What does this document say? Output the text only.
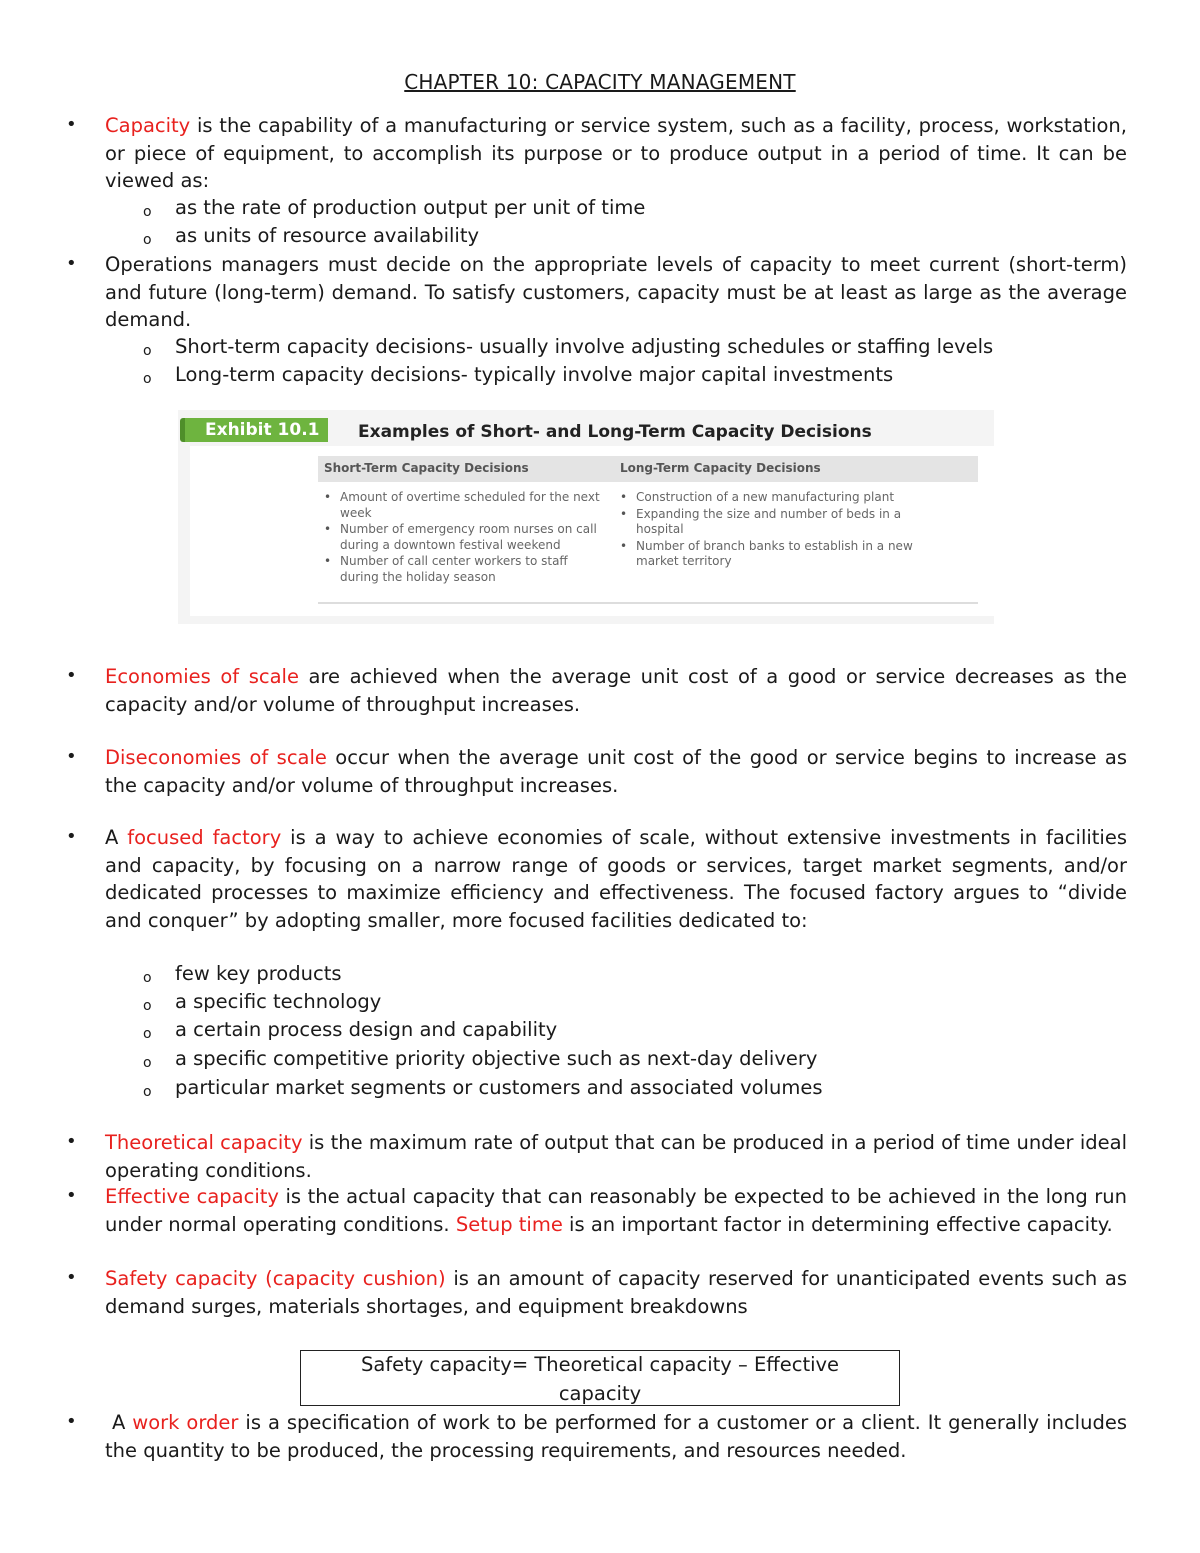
CHAPTER 10: CAPACITY MANAGEMENT
• Capacity is the capability of a manufacturing or service system, such as a facility, process, workstation, or piece of equipment, to accomplish its purpose or to produce output in a period of time. It can be viewed as:
o as the rate of production output per unit of time
o as units of resource availability
• Operations managers must decide on the appropriate levels of capacity to meet current (short-term) and future (long-term) demand. To satisfy customers, capacity must be at least as large as the average demand.
o Short-term capacity decisions- usually involve adjusting schedules or staffing levels
o Long-term capacity decisions- typically involve major capital investments
Exhibit 10.1	Examples of Short- and Long-Term Capacity Decisions
Short-Term Capacity Decisions	Long-Term Capacity Decisions
• Amount of overtime scheduled for the next week
• Number of emergency room nurses on call during a downtown festival weekend
• Number of call center workers to staff during the holiday season
• Construction of a new manufacturing plant
• Expanding the size and number of beds in a hospital
• Number of branch banks to establish in a new market territory
• Economies of scale are achieved when the average unit cost of a good or service decreases as the capacity and/or volume of throughput increases.
• Diseconomies of scale occur when the average unit cost of the good or service begins to increase as the capacity and/or volume of throughput increases.
• A focused factory is a way to achieve economies of scale, without extensive investments in facilities and capacity, by focusing on a narrow range of goods or services, target market segments, and/or dedicated processes to maximize efficiency and effectiveness. The focused factory argues to “divide and conquer” by adopting smaller, more focused facilities dedicated to:
o few key products
o a specific technology
o a certain process design and capability
o a specific competitive priority objective such as next-day delivery
o particular market segments or customers and associated volumes
• Theoretical capacity is the maximum rate of output that can be produced in a period of time under ideal operating conditions.
• Effective capacity is the actual capacity that can reasonably be expected to be achieved in the long run under normal operating conditions. Setup time is an important factor in determining effective capacity.
• Safety capacity (capacity cushion) is an amount of capacity reserved for unanticipated events such as demand surges, materials shortages, and equipment breakdowns
Safety capacity= Theoretical capacity – Effective
capacity
• A work order is a specification of work to be performed for a customer or a client. It generally includes the quantity to be produced, the processing requirements, and resources needed.
